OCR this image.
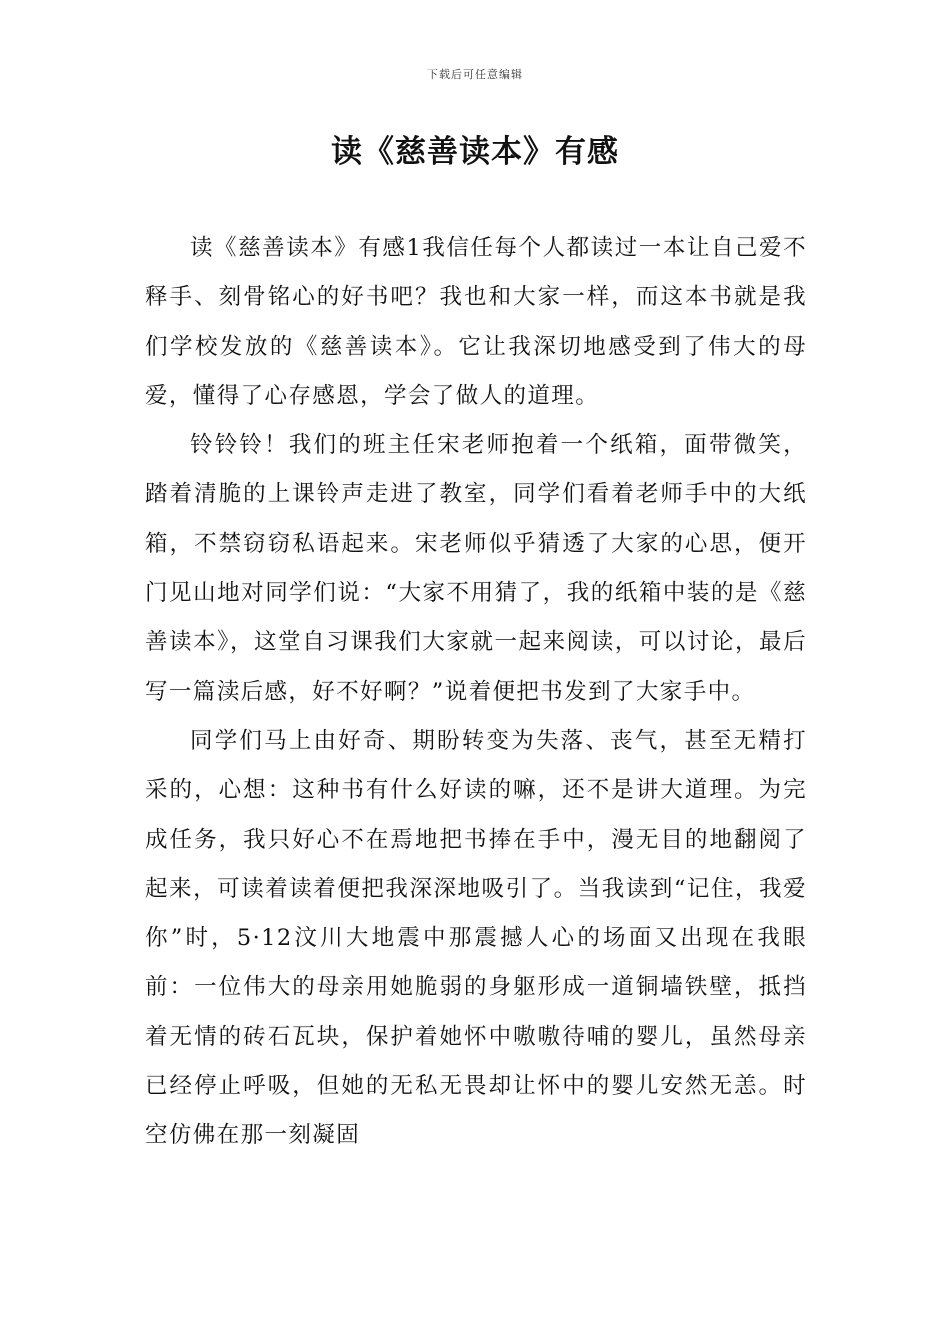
下载后可任意编辑
读《慈善读本》有感

读《慈善读本》有感1我信任每个人都读过一本让自己爱不释手、刻骨铭心的好书吧？我也和大家一样，而这本书就是我们学校发放的《慈善读本》。它让我深切地感受到了伟大的母爱，懂得了心存感恩，学会了做人的道理。

铃铃铃！我们的班主任宋老师抱着一个纸箱，面带微笑，踏着清脆的上课铃声走进了教室，同学们看着老师手中的大纸箱，不禁窃窃私语起来。宋老师似乎猜透了大家的心思，便开门见山地对同学们说：“大家不用猜了，我的纸箱中装的是《慈善读本》，这堂自习课我们大家就一起来阅读，可以讨论，最后写一篇渎后感，好不好啊？”说着便把书发到了大家手中。

同学们马上由好奇、期盼转变为失落、丧气，甚至无精打采的，心想：这种书有什么好读的嘛，还不是讲大道理。为完成任务，我只好心不在焉地把书捧在手中，漫无目的地翻阅了起来，可读着读着便把我深深地吸引了。当我读到“记住，我爱你”时，5·12汶川大地震中那震撼人心的场面又出现在我眼前：一位伟大的母亲用她脆弱的身躯形成一道铜墙铁壁，抵挡着无情的砖石瓦块，保护着她怀中嗷嗷待哺的婴儿，虽然母亲已经停止呼吸，但她的无私无畏却让怀中的婴儿安然无恙。时空仿佛在那一刻凝固
